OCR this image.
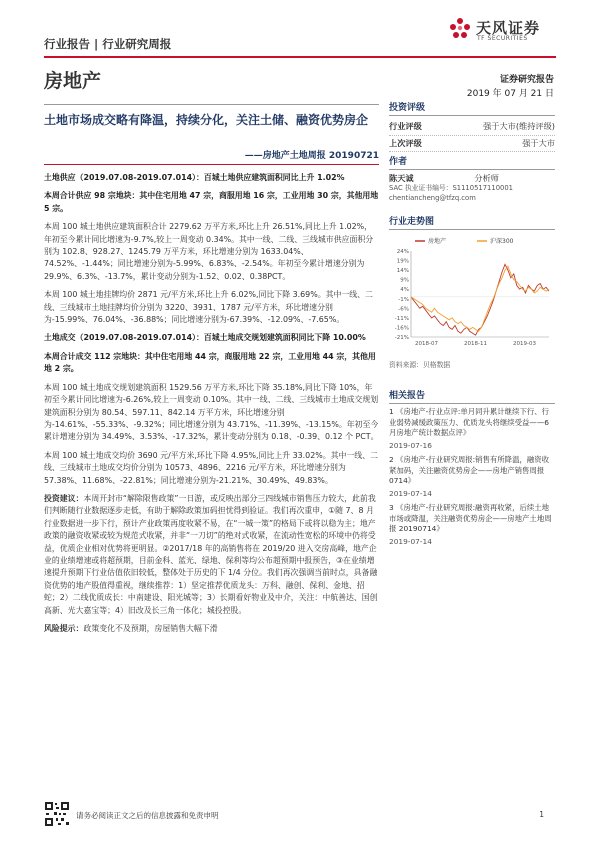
行业报告 | 行业研究周报
天风证券
TF SECURITIES
房地产	证券研究报告
2019 年 07 月 21 日
土地市场成交略有降温，持续分化，关注土储、融资优势房企
——房地产土地周报 20190721

土地供应（2019.07.08-2019.07.014）：百城土地供应建筑面积同比上升 1.02%

本周合计供应 98 宗地块：其中住宅用地 47 宗，商服用地 16 宗，工业用地 30 宗，其他用地 5 宗。

本周 100 城土地供应建筑面积合计 2279.62 万平方米,环比上升 26.51%,同比上升 1.02%，年初至今累计同比增速为-9.7%,较上一周变动 0.34%。其中一线、二线、三线城市供应面积分别为 102.8、928.27、1245.79 万平方米，环比增速分别为 1633.04%、74.52%、-1.44%；同比增速分别为-5.99%、6.83%、-2.54%。年初至今累计增速分别为 29.9%、6.3%、-13.7%，累计变动分别为-1.52、0.02、0.38PCT。

本周 100 城土地挂牌均价 2871 元/平方米,环比上升 6.02%,同比下降 3.69%。其中一线、二线、三线城市土地挂牌均价分别为 3220、3931、1787 元/平方米，环比增速分别为-15.99%、76.04%、-36.88%；同比增速分别为-67.39%、-12.09%、-7.65%。

土地成交（2019.07.08-2019.07.014）：百城土地成交规划建筑面积同比下降 10.00%

本周合计成交 112 宗地块：其中住宅用地 44 宗，商服用地 22 宗，工业用地 44 宗，其他用地 2 宗。

本周 100 城土地成交规划建筑面积 1529.56 万平方米,环比下降 35.18%,同比下降 10%，年初至今累计同比增速为-6.26%,较上一周变动 0.10%。其中一线、二线、三线城市土地成交规划建筑面积分别为 80.54、597.11、842.14 万平方米，环比增速分别为-14.61%、-55.33%、-9.32%；同比增速分别为 43.71%、-11.39%、-13.15%。年初至今累计增速分别为 34.49%、3.53%、-17.32%，累计变动分别为 0.18、-0.39、0.12 个 PCT。

本周 100 城土地成交均价 3690 元/平方米,环比下降 4.95%,同比上升 33.02%。其中一线、二线、三线城市土地成交均价分别为 10573、4896、2216 元/平方米，环比增速分别为 57.38%、11.68%、-22.81%；同比增速分别为-21.21%、30.49%、49.83%。

投资建议：本周开封市“解除限售政策”一日游，或反映出部分三四线城市销售压力较大，此前我们判断随行业数据逐步走低，有助于解除政策加码担忧得到验证。我们再次重申，①随 7、8 月行业数据进一步下行，预计产业政策再度收紧不易，在“一城一策”的格局下或将以稳为主；地产政策的融资收紧或较为规范式收紧，并非“一刀切”的绝对式收紧，在流动性宽松的环境中仍将受益，优质企业相对优势将更明显。②2017/18 年的高销售将在 2019/20 进入交房高峰，地产企业的业绩增速或将超预期，目前金科、蓝光、绿地、保利等均公布超预期中报预告，③在业绩增速提升预期下行业估值依旧较低，整体处于历史的下 1/4 分位。我们再次强调当前时点，具备融资优势的地产股值得重视，继续推荐：1）坚定推荐优质龙头：万科、融创、保利、金地、招蛇；2）二线优质成长：中南建设、阳光城等；3）长期看好物业及中介，关注：中航善达、国创高新、光大嘉宝等；4）旧改及长三角一体化；城投控股。

风险提示：政策变化不及预期，房屋销售大幅下滑

投资评级
行业评级	强于大市(维持评级)
上次评级	强于大市
作者
陈天诚	分析师
SAC 执业证书编号：S1110517110001
chentiancheng@tfzq.com
行业走势图
24%
19%
14%
9%
4%
-1%
-6%
-11%
-16%
-21%
2018-07	2018-11	2019-03
房地产	沪深300
资料来源：贝格数据
相关报告
1 《房地产-行业点评:单月同升累计继续下行、行业弱势减缓政策压力、优质龙头将继续受益——6 月房地产统计数据点评》
2019-07-16
2 《房地产-行业研究周报:销售有所降温，融资收紧加码，关注融资优势房企——房地产销售周报 0714》
2019-07-14
3 《房地产-行业研究周报:融资再收紧，后续土地市场或降温，关注融资优势房企——房地产土地周报 20190714》
2019-07-14
请务必阅读正文之后的信息披露和免责申明	1
